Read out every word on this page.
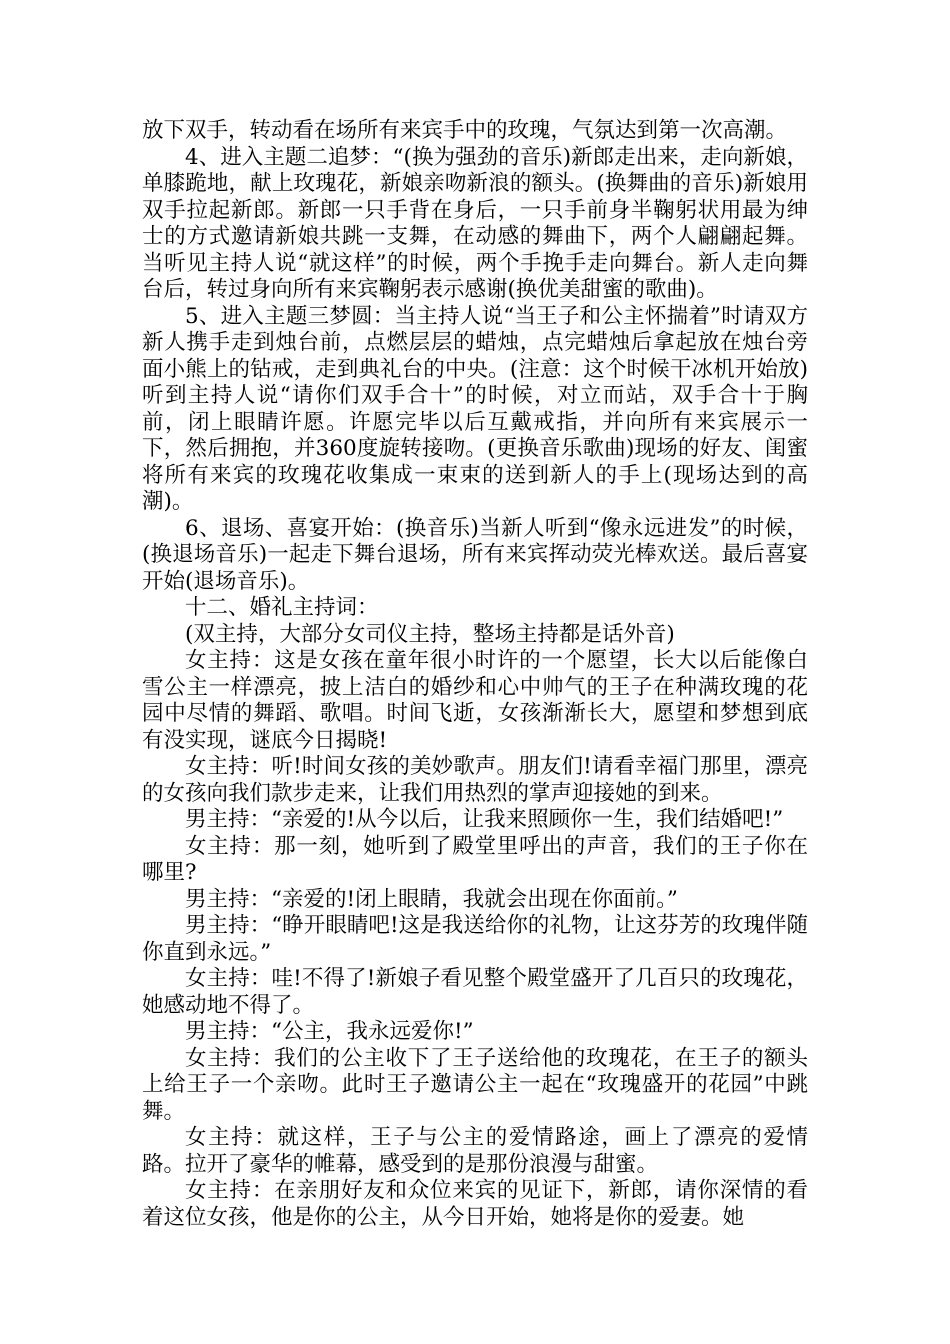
放下双手，转动看在场所有来宾手中的玫瑰，气氛达到第一次高潮。

4、进入主题二追梦：“(换为强劲的音乐)新郎走出来，走向新娘，单膝跪地，献上玫瑰花，新娘亲吻新浪的额头。(换舞曲的音乐)新娘用双手拉起新郎。新郎一只手背在身后，一只手前身半鞠躬状用最为绅士的方式邀请新娘共跳一支舞，在动感的舞曲下，两个人翩翩起舞。当听见主持人说“就这样”的时候，两个手挽手走向舞台。新人走向舞台后，转过身向所有来宾鞠躬表示感谢(换优美甜蜜的歌曲)。

5、进入主题三梦圆：当主持人说“当王子和公主怀揣着”时请双方新人携手走到烛台前，点燃层层的蜡烛，点完蜡烛后拿起放在烛台旁面小熊上的钻戒，走到典礼台的中央。(注意：这个时候干冰机开始放)听到主持人说“请你们双手合十”的时候，对立而站，双手合十于胸前，闭上眼睛许愿。许愿完毕以后互戴戒指，并向所有来宾展示一下，然后拥抱，并360度旋转接吻。(更换音乐歌曲)现场的好友、闺蜜将所有来宾的玫瑰花收集成一束束的送到新人的手上(现场达到的高潮)。

6、退场、喜宴开始：(换音乐)当新人听到“像永远进发”的时候，(换退场音乐)一起走下舞台退场，所有来宾挥动荧光棒欢送。最后喜宴开始(退场音乐)。

十二、婚礼主持词：

(双主持，大部分女司仪主持，整场主持都是话外音)

女主持：这是女孩在童年很小时许的一个愿望，长大以后能像白雪公主一样漂亮，披上洁白的婚纱和心中帅气的王子在种满玫瑰的花园中尽情的舞蹈、歌唱。时间飞逝，女孩渐渐长大，愿望和梦想到底有没实现，谜底今日揭晓!

女主持：听!时间女孩的美妙歌声。朋友们!请看幸福门那里，漂亮的女孩向我们款步走来，让我们用热烈的掌声迎接她的到来。

男主持：“亲爱的!从今以后，让我来照顾你一生，我们结婚吧!”

女主持：那一刻，她听到了殿堂里呼出的声音，我们的王子你在哪里?

男主持：“亲爱的!闭上眼睛，我就会出现在你面前。”

男主持：“睁开眼睛吧!这是我送给你的礼物，让这芬芳的玫瑰伴随你直到永远。”

女主持：哇!不得了!新娘子看见整个殿堂盛开了几百只的玫瑰花，她感动地不得了。

男主持：“公主，我永远爱你!”

女主持：我们的公主收下了王子送给他的玫瑰花，在王子的额头上给王子一个亲吻。此时王子邀请公主一起在“玫瑰盛开的花园”中跳舞。

女主持：就这样，王子与公主的爱情路途，画上了漂亮的爱情路。拉开了豪华的帷幕，感受到的是那份浪漫与甜蜜。

女主持：在亲朋好友和众位来宾的见证下，新郎，请你深情的看着这位女孩，他是你的公主，从今日开始，她将是你的爱妻。她
